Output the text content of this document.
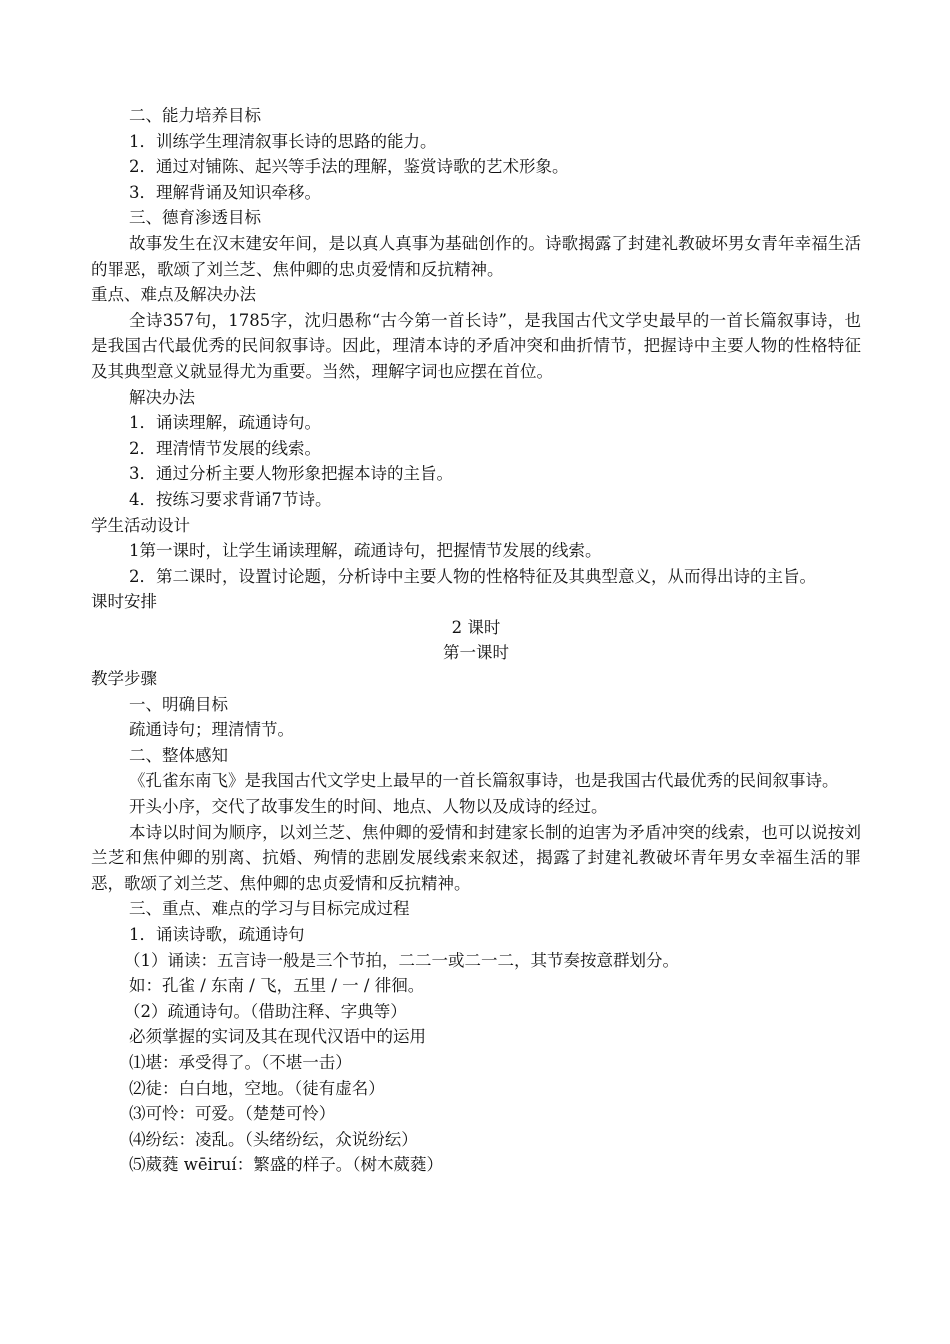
二、能力培养目标
1．训练学生理清叙事长诗的思路的能力。
2．通过对铺陈、起兴等手法的理解，鉴赏诗歌的艺术形象。
3．理解背诵及知识牵移。
三、德育渗透目标
故事发生在汉末建安年间，是以真人真事为基础创作的。诗歌揭露了封建礼教破坏男女青年幸福生活的罪恶，歌颂了刘兰芝、焦仲卿的忠贞爱情和反抗精神。
重点、难点及解决办法
全诗357句，1785字，沈归愚称“古今第一首长诗”，是我国古代文学史最早的一首长篇叙事诗，也是我国古代最优秀的民间叙事诗。因此，理清本诗的矛盾冲突和曲折情节，把握诗中主要人物的性格特征及其典型意义就显得尤为重要。当然，理解字词也应摆在首位。
解决办法
1．诵读理解，疏通诗句。
2．理清情节发展的线索。
3．通过分析主要人物形象把握本诗的主旨。
4．按练习要求背诵7节诗。
学生活动设计
1第一课时，让学生诵读理解，疏通诗句，把握情节发展的线索。
2．第二课时，设置讨论题，分析诗中主要人物的性格特征及其典型意义，从而得出诗的主旨。
课时安排
2 课时
第一课时
教学步骤
一、明确目标
疏通诗句；理清情节。
二、整体感知
《孔雀东南飞》是我国古代文学史上最早的一首长篇叙事诗，也是我国古代最优秀的民间叙事诗。
开头小序，交代了故事发生的时间、地点、人物以及成诗的经过。
本诗以时间为顺序，以刘兰芝、焦仲卿的爱情和封建家长制的迫害为矛盾冲突的线索，也可以说按刘兰芝和焦仲卿的别离、抗婚、殉情的悲剧发展线索来叙述，揭露了封建礼教破坏青年男女幸福生活的罪恶，歌颂了刘兰芝、焦仲卿的忠贞爱情和反抗精神。
三、重点、难点的学习与目标完成过程
1．诵读诗歌，疏通诗句
（1）诵读：五言诗一般是三个节拍，二二一或二一二，其节奏按意群划分。
如：孔雀 / 东南 / 飞，五里 / 一 / 徘徊。
（2）疏通诗句。（借助注释、字典等）
必须掌握的实词及其在现代汉语中的运用
⑴堪：承受得了。（不堪一击）
⑵徒：白白地，空地。（徒有虚名）
⑶可怜：可爱。（楚楚可怜）
⑷纷纭：凌乱。（头绪纷纭，众说纷纭）
⑸葳蕤 wēiruí：繁盛的样子。（树木葳蕤）
